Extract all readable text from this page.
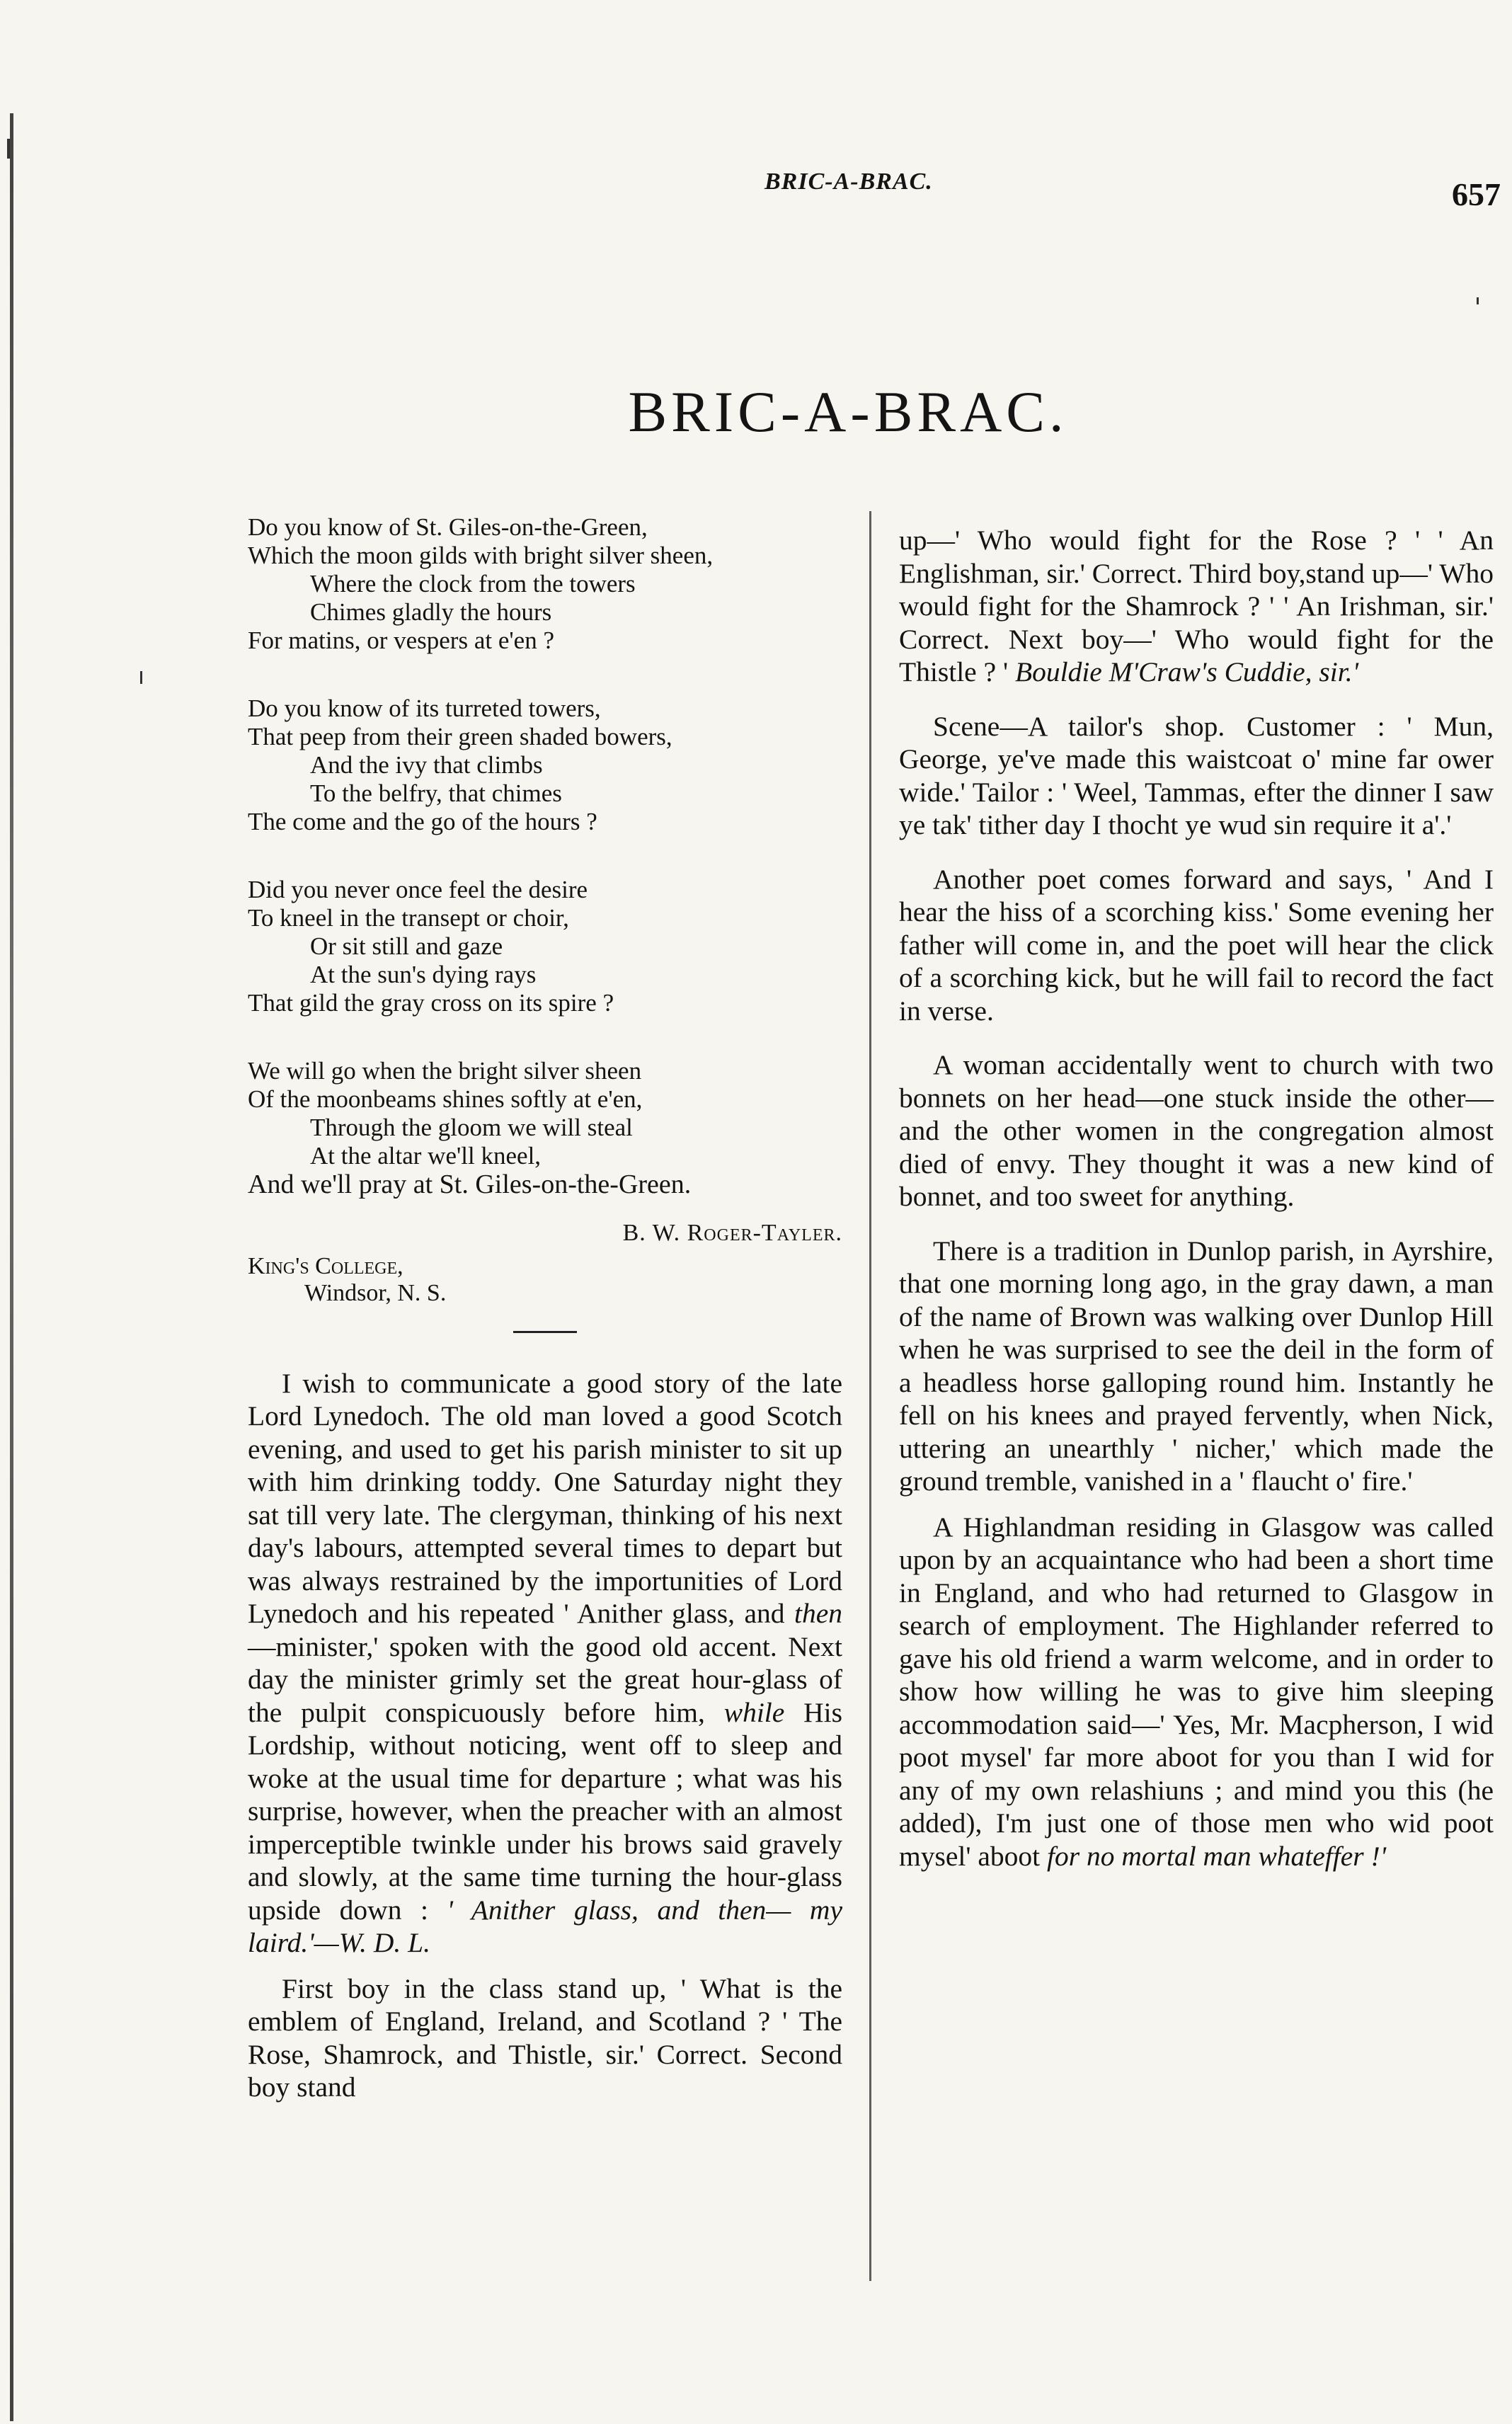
BRIC-A-BRAC.	657
BRIC-A-BRAC.
Do you know of St. Giles-on-the-Green,
Which the moon gilds with bright silver sheen,
Where the clock from the towers
Chimes gladly the hours
For matins, or vespers at e'en ?
Do you know of its turreted towers,
That peep from their green shaded bowers,
And the ivy that climbs
To the belfry, that chimes
The come and the go of the hours ?
Did you never once feel the desire
To kneel in the transept or choir,
Or sit still and gaze
At the sun's dying rays
That gild the gray cross on its spire ?
We will go when the bright silver sheen
Of the moonbeams shines softly at e'en,
Through the gloom we will steal
At the altar we'll kneel,
And we'll pray at St. Giles-on-the-Green.
B. W. Roger-Tayler.
King's College,
Windsor, N. S.

I wish to communicate a good story of the late Lord Lynedoch. The old man loved a good Scotch evening, and used to get his parish minister to sit up with him drinking toddy. One Saturday night they sat till very late. The clergyman, thinking of his next day's labours, attempted several times to depart but was always restrained by the importunities of Lord Lynedoch and his repeated ' Anither glass, and then—minister,' spoken with the good old accent. Next day the minister grimly set the great hour-glass of the pulpit conspicuously before him, while His Lordship, without noticing, went off to sleep and woke at the usual time for departure ; what was his surprise, however, when the preacher with an almost imperceptible twinkle under his brows said gravely and slowly, at the same time turning the hour-glass upside down : ' Anither glass, and then— my laird.'—W. D. L.

First boy in the class stand up, ' What is the emblem of England, Ireland, and Scotland ? ' The Rose, Shamrock, and Thistle, sir.' Correct. Second boy stand

up—' Who would fight for the Rose ? ' ' An Englishman, sir.' Correct. Third boy,stand up—' Who would fight for the Shamrock ? ' ' An Irishman, sir.' Correct. Next boy—' Who would fight for the Thistle ? ' Bouldie M'Craw's Cuddie, sir.'

Scene—A tailor's shop. Customer : ' Mun, George, ye've made this waistcoat o' mine far ower wide.' Tailor : ' Weel, Tammas, efter the dinner I saw ye tak' tither day I thocht ye wud sin require it a'.'

Another poet comes forward and says, ' And I hear the hiss of a scorching kiss.' Some evening her father will come in, and the poet will hear the click of a scorching kick, but he will fail to record the fact in verse.

A woman accidentally went to church with two bonnets on her head—one stuck inside the other—and the other women in the congregation almost died of envy. They thought it was a new kind of bonnet, and too sweet for anything.

There is a tradition in Dunlop parish, in Ayrshire, that one morning long ago, in the gray dawn, a man of the name of Brown was walking over Dunlop Hill when he was surprised to see the deil in the form of a headless horse galloping round him. Instantly he fell on his knees and prayed fervently, when Nick, uttering an unearthly ' nicher,' which made the ground tremble, vanished in a ' flaucht o' fire.'

A Highlandman residing in Glasgow was called upon by an acquaintance who had been a short time in England, and who had returned to Glasgow in search of employment. The Highlander referred to gave his old friend a warm welcome, and in order to show how willing he was to give him sleeping accommodation said—' Yes, Mr. Macpherson, I wid poot mysel' far more aboot for you than I wid for any of my own relashiuns ; and mind you this (he added), I'm just one of those men who wid poot mysel' aboot for no mortal man whateffer !'
